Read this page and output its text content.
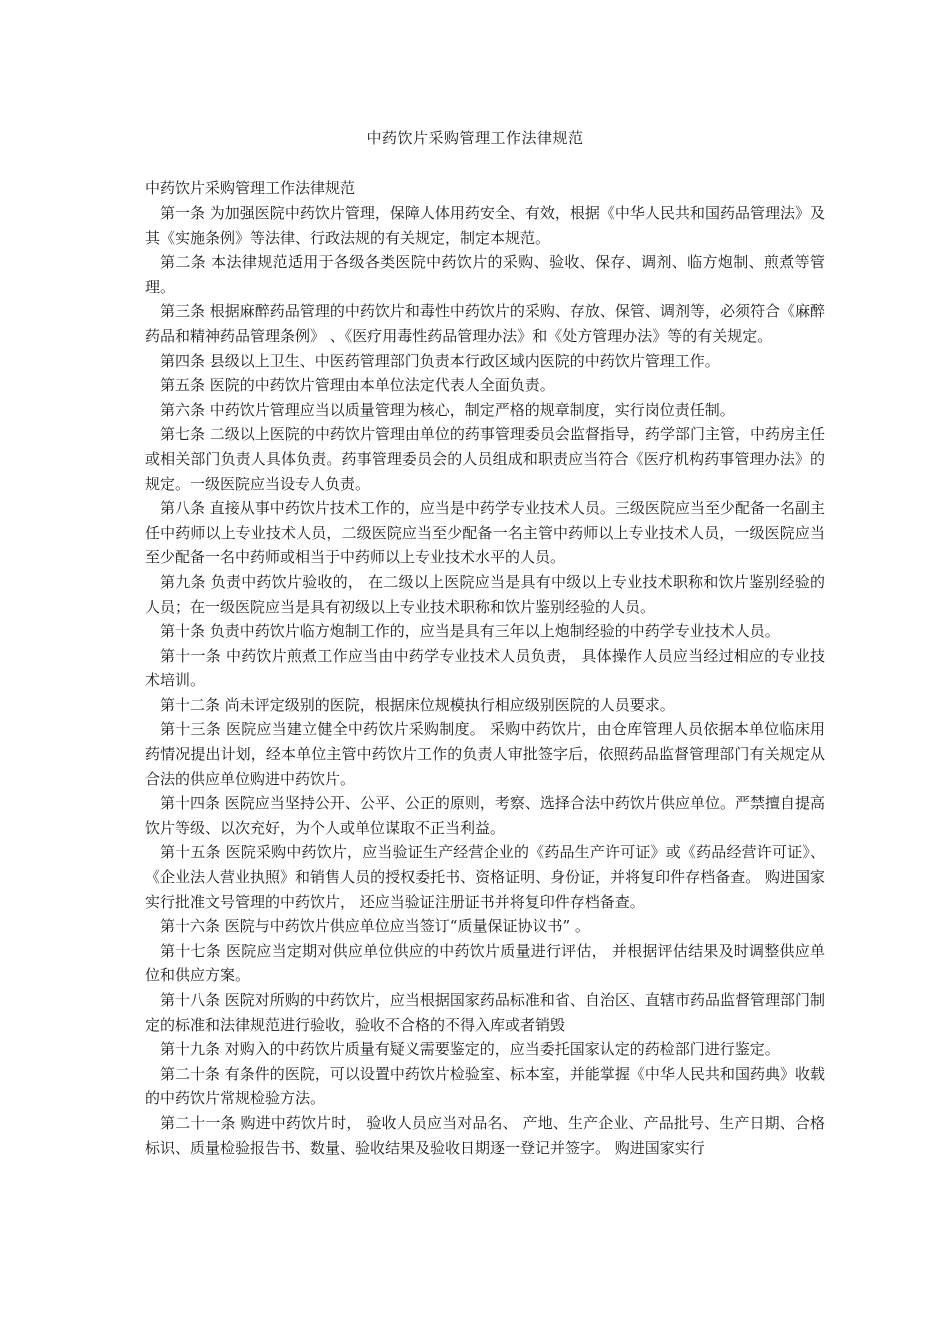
中药饮片采购管理工作法律规范
中药饮片采购管理工作法律规范

第一条 为加强医院中药饮片管理，保障人体用药安全、有效，根据《中华人民共和国药品管理法》及其《实施条例》等法律、行政法规的有关规定，制定本规范。

第二条 本法律规范适用于各级各类医院中药饮片的采购、验收、保存、调剂、临方炮制、煎煮等管理。

第三条 根据麻醉药品管理的中药饮片和毒性中药饮片的采购、存放、保管、调剂等，必须符合《麻醉药品和精神药品管理条例》 、《医疗用毒性药品管理办法》和《处方管理办法》等的有关规定。

第四条 县级以上卫生、中医药管理部门负责本行政区域内医院的中药饮片管理工作。

第五条 医院的中药饮片管理由本单位法定代表人全面负责。

第六条 中药饮片管理应当以质量管理为核心，制定严格的规章制度，实行岗位责任制。

第七条 二级以上医院的中药饮片管理由单位的药事管理委员会监督指导，药学部门主管，中药房主任或相关部门负责人具体负责。药事管理委员会的人员组成和职责应当符合《医疗机构药事管理办法》的规定。一级医院应当设专人负责。

第八条 直接从事中药饮片技术工作的，应当是中药学专业技术人员。三级医院应当至少配备一名副主任中药师以上专业技术人员，二级医院应当至少配备一名主管中药师以上专业技术人员，一级医院应当至少配备一名中药师或相当于中药师以上专业技术水平的人员。

第九条 负责中药饮片验收的， 在二级以上医院应当是具有中级以上专业技术职称和饮片鉴别经验的人员；在一级医院应当是具有初级以上专业技术职称和饮片鉴别经验的人员。

第十条 负责中药饮片临方炮制工作的，应当是具有三年以上炮制经验的中药学专业技术人员。

第十一条 中药饮片煎煮工作应当由中药学专业技术人员负责， 具体操作人员应当经过相应的专业技术培训。

第十二条 尚未评定级别的医院，根据床位规模执行相应级别医院的人员要求。

第十三条 医院应当建立健全中药饮片采购制度。 采购中药饮片，由仓库管理人员依据本单位临床用药情况提出计划，经本单位主管中药饮片工作的负责人审批签字后，依照药品监督管理部门有关规定从合法的供应单位购进中药饮片。

第十四条 医院应当坚持公开、公平、公正的原则，考察、选择合法中药饮片供应单位。严禁擅自提高饮片等级、以次充好，为个人或单位谋取不正当利益。

第十五条 医院采购中药饮片，应当验证生产经营企业的《药品生产许可证》或《药品经营许可证》、《企业法人营业执照》和销售人员的授权委托书、资格证明、身份证，并将复印件存档备查。 购进国家实行批准文号管理的中药饮片， 还应当验证注册证书并将复印件存档备查。

第十六条 医院与中药饮片供应单位应当签订“质量保证协议书” 。

第十七条 医院应当定期对供应单位供应的中药饮片质量进行评估， 并根据评估结果及时调整供应单位和供应方案。

第十八条 医院对所购的中药饮片，应当根据国家药品标准和省、自治区、直辖市药品监督管理部门制定的标准和法律规范进行验收，验收不合格的不得入库或者销毁

第十九条 对购入的中药饮片质量有疑义需要鉴定的，应当委托国家认定的药检部门进行鉴定。

第二十条 有条件的医院，可以设置中药饮片检验室、标本室，并能掌握《中华人民共和国药典》收载的中药饮片常规检验方法。

第二十一条 购进中药饮片时， 验收人员应当对品名、 产地、生产企业、产品批号、生产日期、合格标识、质量检验报告书、数量、验收结果及验收日期逐一登记并签字。 购进国家实行
